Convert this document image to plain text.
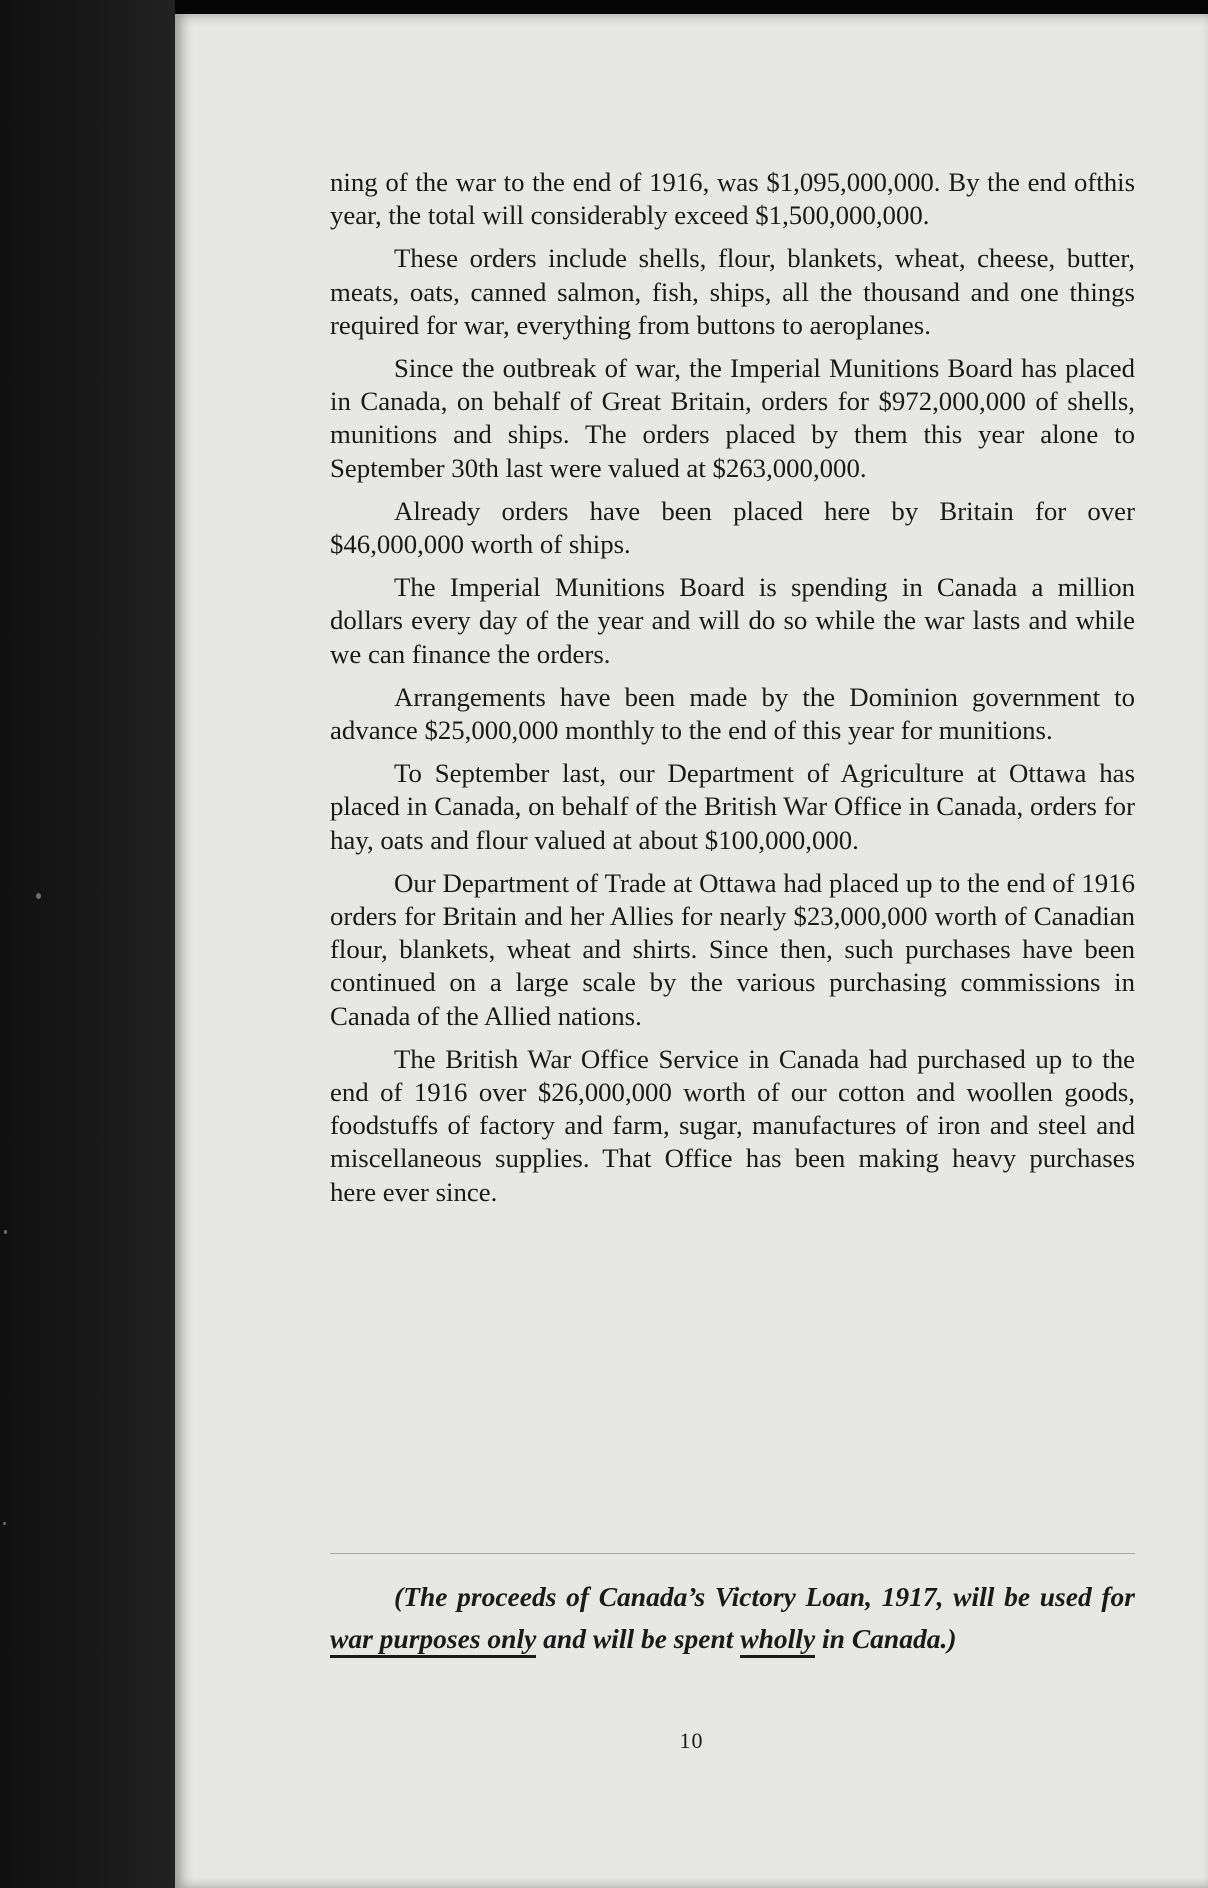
ning of the war to the end of 1916, was $1,095,000,000. By the end ofthis year, the total will considerably exceed $1,500,000,000.

These orders include shells, flour, blankets, wheat, cheese, butter, meats, oats, canned salmon, fish, ships, all the thousand and one things required for war, everything from buttons to aeroplanes.

Since the outbreak of war, the Imperial Munitions Board has placed in Canada, on behalf of Great Britain, orders for $972,000,000 of shells, munitions and ships. The orders placed by them this year alone to September 30th last were valued at $263,000,000.

Already orders have been placed here by Britain for over $46,000,000 worth of ships.

The Imperial Munitions Board is spending in Canada a million dollars every day of the year and will do so while the war lasts and while we can finance the orders.

Arrangements have been made by the Dominion government to advance $25,000,000 monthly to the end of this year for munitions.

To September last, our Department of Agriculture at Ottawa has placed in Canada, on behalf of the British War Office in Canada, orders for hay, oats and flour valued at about $100,000,000.

Our Department of Trade at Ottawa had placed up to the end of 1916 orders for Britain and her Allies for nearly $23,000,000 worth of Canadian flour, blankets, wheat and shirts. Since then, such purchases have been continued on a large scale by the various purchasing commissions in Canada of the Allied nations.

The British War Office Service in Canada had purchased up to the end of 1916 over $26,000,000 worth of our cotton and woollen goods, foodstuffs of factory and farm, sugar, manufactures of iron and steel and miscellaneous supplies. That Office has been making heavy purchases here ever since.

(The proceeds of Canada’s Victory Loan, 1917, will be used for war purposes only and will be spent wholly in Canada.)
10
